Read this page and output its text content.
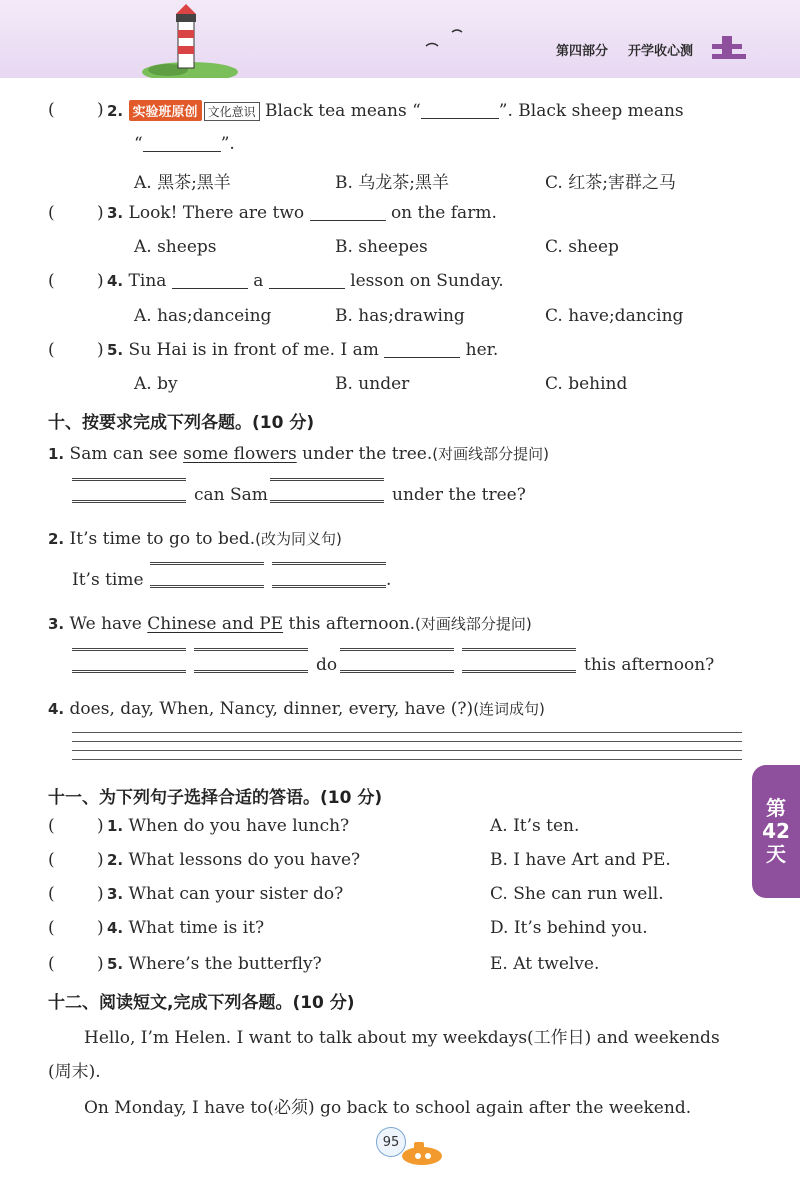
第四部分 开学收心测
( ) 2. 实验班原创 文化意识 Black tea means “	”. Black sheep means
“	”.
A. 黑茶;黑羊	B. 乌龙茶;黑羊	C. 红茶;害群之马
( ) 3. Look! There are two	on the farm.
A. sheeps	B. sheepes	C. sheep
( ) 4. Tina	a	lesson on Sunday.
A. has;danceing	B. has;drawing	C. have;dancing
( ) 5. Su Hai is in front of me. I am	her.
A. by	B. under	C. behind
十、按要求完成下列各题。(10 分)
1. Sam can see some flowers under the tree.(对画线部分提问)
can Sam	under the tree?
2. It’s time to go to bed.(改为同义句)
It’s time	.
3. We have Chinese and PE this afternoon.(对画线部分提问)
do	this afternoon?
4. does, day, When, Nancy, dinner, every, have (?)(连词成句)
十一、为下列句子选择合适的答语。(10 分)
( ) 1. When do you have lunch?	A. It’s ten.
( ) 2. What lessons do you have?	B. I have Art and PE.
( ) 3. What can your sister do?	C. She can run well.
( ) 4. What time is it?	D. It’s behind you.
( ) 5. Where’s the butterfly?	E. At twelve.
十二、阅读短文,完成下列各题。(10 分)
Hello, I’m Helen. I want to talk about my weekdays(工作日) and weekends
(周末).
On Monday, I have to(必须) go back to school again after the weekend.
第
42
天
95
